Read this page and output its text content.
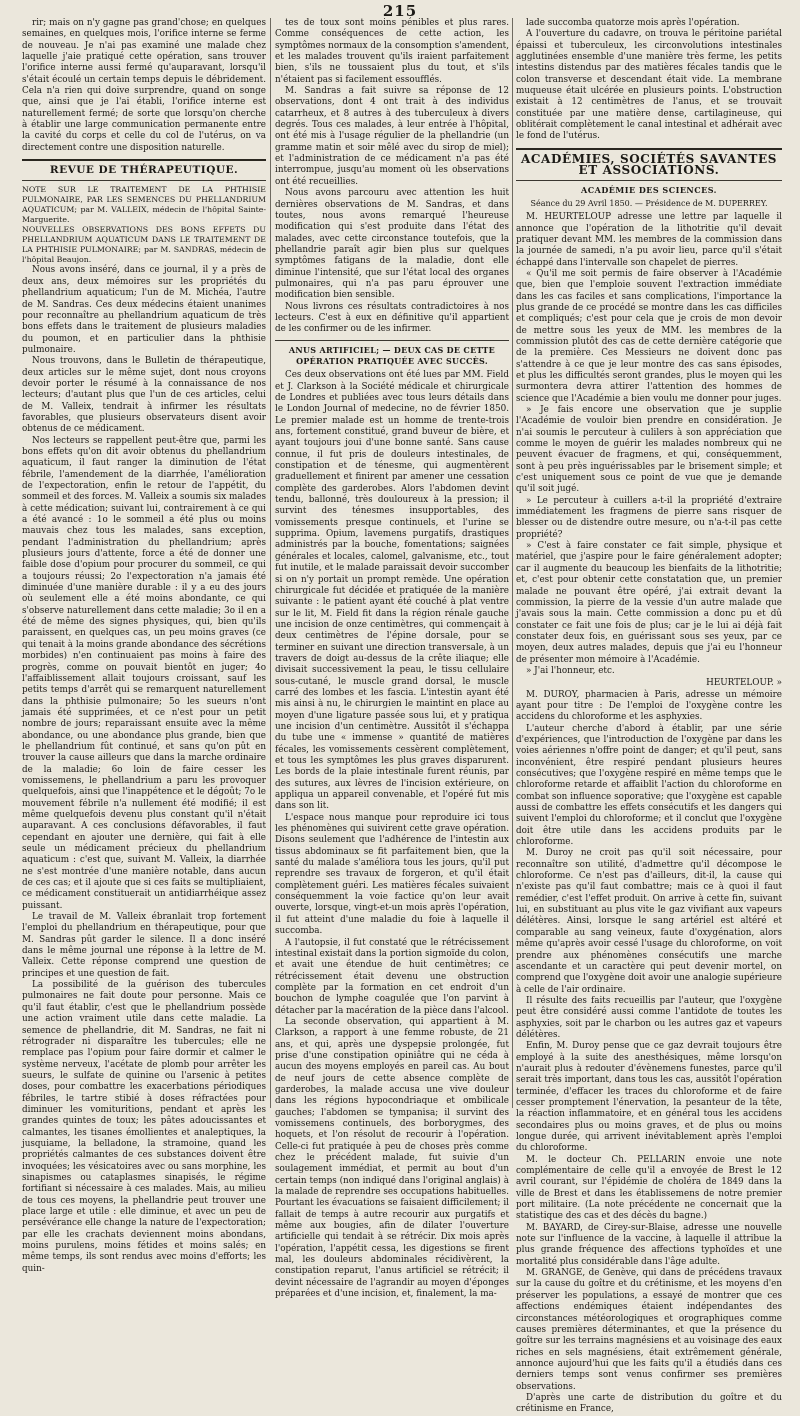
215

rir; mais on n'y gagne pas grand'chose; en quelques semaines, en quelques mois, l'orifice interne se ferme de nouveau. Je n'ai pas examiné une malade chez laquelle j'aie pratiqué cette opération, sans trouver l'orifice interne aussi fermé qu'auparavant, lorsqu'il s'était écoulé un certain temps depuis le débridement. Cela n'a rien qui doive surprendre, quand on songe que, ainsi que je l'ai établi, l'orifice interne est naturellement fermé; de sorte que lorsqu'on cherche à établir une large communication permanente entre la cavité du corps et celle du col de l'utérus, on va directement contre une disposition naturelle.

REVUE DE THÉRAPEUTIQUE.

NOTE SUR LE TRAITEMENT DE LA PHTHISIE PULMONAIRE, PAR LES SEMENCES DU PHELLANDRIUM AQUATICUM; par M. VALLEIX, médecin de l'hôpital Sainte-Marguerite.

NOUVELLES OBSERVATIONS DES BONS EFFETS DU PHELLANDRIUM AQUATICUM DANS LE TRAITEMENT DE LA PHTHISIE PULMONAIRE; par M. SANDRAS, médecin de l'hôpital Beaujon.

Nous avons inséré, dans ce journal, il y a près de deux ans, deux mémoires sur les propriétés du phellandrium aquaticum; l'un de M. Michéa, l'autre de M. Sandras. Ces deux médecins étaient unanimes pour reconnaître au phellandrium aquaticum de très bons effets dans le traitement de plusieurs maladies du poumon, et en particulier dans la phthisie pulmonaire.

Nous trouvons, dans le Bulletin de thérapeutique, deux articles sur le même sujet, dont nous croyons devoir porter le résumé à la connaissance de nos lecteurs; d'autant plus que l'un de ces articles, celui de M. Valleix, tendrait à infirmer les résultats favorables, que plusieurs observateurs disent avoir obtenus de ce médicament.

Nos lecteurs se rappellent peut-être que, parmi les bons effets qu'on dit avoir obtenus du phellandrium aquaticum, il faut ranger la diminution de l'état fébrile, l'amendement de la diarrhée, l'amélioration de l'expectoration, enfin le retour de l'appétit, du sommeil et des forces. M. Valleix a soumis six malades à cette médication; suivant lui, contrairement à ce qui a été avancé : 1o le sommeil a été plus ou moins mauvais chez tous les malades, sans exception, pendant l'administration du phellandrium; après plusieurs jours d'attente, force a été de donner une faible dose d'opium pour procurer du sommeil, ce qui a toujours réussi; 2o l'expectoration n'a jamais été diminuée d'une manière durable : il y a eu des jours où seulement elle a été moins abondante, ce qui s'observe naturellement dans cette maladie; 3o il en a été de même des signes physiques, qui, bien qu'ils paraissent, en quelques cas, un peu moins graves (ce qui tenait à la moins grande abondance des sécrétions morbides) n'en continuaient pas moins à faire des progrès, comme on pouvait bientôt en juger; 4o l'affaiblissement allait toujours croissant, sauf les petits temps d'arrêt qui se remarquent naturellement dans la phthisie pulmonaire; 5o les sueurs n'ont jamais été supprimées, et ce n'est pour un petit nombre de jours; reparaissant ensuite avec la même abondance, ou une abondance plus grande, bien que le phellandrium fût continué, et sans qu'on pût en trouver la cause ailleurs que dans la marche ordinaire de la maladie; 6o loin de faire cesser les vomissemens, le phellandrium a paru les provoquer quelquefois, ainsi que l'inappétence et le dégoût; 7o le mouvement fébrile n'a nullement été modifié; il est même quelquefois devenu plus constant qu'il n'était auparavant. A ces conclusions défavorables, il faut cependant en ajouter une dernière, qui fait à elle seule un médicament précieux du phellandrium aquaticum : c'est que, suivant M. Valleix, la diarrhée ne s'est montrée d'une manière notable, dans aucun de ces cas; et il ajoute que si ces faits se multipliaient, ce médicament constituerait un antidiarrhéique assez puissant.

Le travail de M. Valleix ébranlait trop fortement l'emploi du phellandrium en thérapeutique, pour que M. Sandras pût garder le silence. Il a donc inséré dans le même journal une réponse à la lettre de M. Valleix. Cette réponse comprend une question de principes et une question de fait.

La possibilité de la guérison des tubercules pulmonaires ne fait doute pour personne. Mais ce qu'il faut établir, c'est que le phellandrium possède une action vraiment utile dans cette maladie. La semence de phellandrie, dit M. Sandras, ne fait ni rétrograder ni disparaître les tubercules; elle ne remplace pas l'opium pour faire dormir et calmer le système nerveux, l'acétate de plomb pour arrêter les sueurs, le sulfate de quinine ou l'arsenic à petites doses, pour combattre les exacerbations périodiques fébriles, le tartre stibié à doses réfractées pour diminuer les vomituritions, pendant et après les grandes quintes de toux; les pâtes adoucissantes et calmantes, les tisanes émollientes et analeptiques, la jusquiame, la belladone, la stramoine, quand les propriétés calmantes de ces substances doivent être invoquées; les vésicatoires avec ou sans morphine, les sinapismes ou cataplasmes sinapisés, le régime fortifiant si nécessaire à ces malades. Mais, au milieu de tous ces moyens, la phellandrie peut trouver une place large et utile : elle diminue, et avec un peu de persévérance elle change la nature de l'expectoration; par elle les crachats deviennent moins abondans, moins purulens, moins fétides et moins salés; en même temps, ils sont rendus avec moins d'efforts; les quin-

tes de toux sont moins pénibles et plus rares. Comme conséquences de cette action, les symptômes normaux de la consomption s'amendent, et les malades trouvent qu'ils iraient parfaitement bien, s'ils ne toussaient plus du tout, et s'ils n'étaient pas si facilement essoufflés.

M. Sandras a fait suivre sa réponse de 12 observations, dont 4 ont trait à des individus catarrheux, et 8 autres à des tuberculeux à divers degrés. Tous ces malades, à leur entrée à l'hôpital, ont été mis à l'usage régulier de la phellandrie (un gramme matin et soir mêlé avec du sirop de miel); et l'administration de ce médicament n'a pas été interrompue, jusqu'au moment où les observations ont été recueillies.

Nous avons parcouru avec attention les huit dernières observations de M. Sandras, et dans toutes, nous avons remarqué l'heureuse modification qui s'est produite dans l'état des malades, avec cette circonstance toutefois, que la phellandrie paraît agir bien plus sur quelques symptômes fatigans de la maladie, dont elle diminue l'intensité, que sur l'état local des organes pulmonaires, qui n'a pas paru éprouver une modification bien sensible.

Nous livrons ces résultats contradictoires à nos lecteurs. C'est à eux en définitive qu'il appartient de les confirmer ou de les infirmer.

ANUS ARTIFICIEL; — DEUX CAS DE CETTE OPÉRATION PRATIQUÉE AVEC SUCCÈS.

Ces deux observations ont été lues par MM. Field et J. Clarkson à la Société médicale et chirurgicale de Londres et publiées avec tous leurs détails dans le London Journal of medecine, no de février 1850. Le premier malade est un homme de trente-trois ans, fortement constitué, grand buveur de bière, et ayant toujours joui d'une bonne santé. Sans cause connue, il fut pris de douleurs intestinales, de constipation et de ténesme, qui augmentèrent graduellement et finirent par amener une cessation complète des garderobes. Alors l'abdomen devint tendu, ballonné, très douloureux à la pression; il survint des ténesmes insupportables, des vomissements presque continuels, et l'urine se supprima. Opium, lavemens purgatifs, drastiques administrés par la bouche, fomentations; saignées générales et locales, calomel, galvanisme, etc., tout fut inutile, et le malade paraissait devoir succomber si on n'y portait un prompt remède. Une opération chirurgicale fut décidée et pratiquée de la manière suivante : le patient ayant été couché à plat ventre sur le lit, M. Field fit dans la région rénale gauche une incision de onze centimètres, qui commençait à deux centimètres de l'épine dorsale, pour se terminer en suivant une direction transversale, à un travers de doigt au-dessus de la crête iliaque; elle divisait successivement la peau, le tissu cellulaire sous-cutané, le muscle grand dorsal, le muscle carré des lombes et les fascia. L'intestin ayant été mis ainsi à nu, le chirurgien le maintint en place au moyen d'une ligature passée sous lui, et y pratiqua une incision d'un centimètre. Aussitôt il s'échappa du tube une « immense » quantité de matières fécales, les vomissements cessèrent complètement, et tous les symptômes les plus graves disparurent. Les bords de la plaie intestinale furent réunis, par des sutures, aux lèvres de l'incision extérieure, on appliqua un appareil convenable, et l'opéré fut mis dans son lit.

L'espace nous manque pour reproduire ici tous les phénomènes qui suivirent cette grave opération. Disons seulement que l'adhérence de l'intestin aux tissus abdominaux se fit parfaitement bien, que la santé du malade s'améliora tous les jours, qu'il put reprendre ses travaux de forgeron, et qu'il était complètement guéri. Les matières fécales suivaient conséquemment la voie factice qu'on leur avait ouverte, lorsque, vingt-et-un mois après l'opération, il fut atteint d'une maladie du foie à laquelle il succomba.

A l'autopsie, il fut constaté que le rétrécissement intestinal existait dans la portion sigmoïde du colon, et avait une étendue de huit centimètres; ce rétrécissement était devenu une obstruction complète par la formation en cet endroit d'un bouchon de lymphe coagulée que l'on parvint à détacher par la macération de la pièce dans l'alcool.

La seconde observation, qui appartient à M. Clarkson, a rapport à une femme robuste, de 21 ans, et qui, après une dyspepsie prolongée, fut prise d'une constipation opiniâtre qui ne céda à aucun des moyens employés en pareil cas. Au bout de neuf jours de cette absence complète de garderobes, la malade accusa une vive douleur dans les régions hypocondriaque et ombilicale gauches; l'abdomen se tympanisa; il survint des vomissemens continuels, des borborygmes, des hoquets, et l'on résolut de recourir à l'opération. Celle-ci fut pratiquée à peu de choses près comme chez le précédent malade, fut suivie d'un soulagement immédiat, et permit au bout d'un certain temps (non indiqué dans l'original anglais) à la malade de reprendre ses occupations habituelles. Pourtant les évacuations se faisaient difficilement; il fallait de temps à autre recourir aux purgatifs et même aux bougies, afin de dilater l'ouverture artificielle qui tendait à se rétrécir. Dix mois après l'opération, l'appétit cessa, les digestions se firent mal, les douleurs abdominales récidivèrent, la constipation reparut, l'anus artificiel se rétrécit; il devint nécessaire de l'agrandir au moyen d'éponges préparées et d'une incision, et, finalement, la ma-

lade succomba quatorze mois après l'opération.

A l'ouverture du cadavre, on trouva le péritoine pariétal épaissi et tuberculeux, les circonvolutions intestinales agglutinées ensemble d'une manière très ferme, les petits intestins distendus par des matières fécales tandis que le colon transverse et descendant était vide. La membrane muqueuse était ulcérée en plusieurs points. L'obstruction existait à 12 centimètres de l'anus, et se trouvait constituée par une matière dense, cartilagineuse, qui oblitérait complètement le canal intestinal et adhérait avec le fond de l'utérus.

ACADÉMIES, SOCIÉTÉS SAVANTES ET ASSOCIATIONS.
ACADÉMIE DES SCIENCES.
Séance du 29 Avril 1850. — Présidence de M. DUPERREY.

M. HEURTELOUP adresse une lettre par laquelle il annonce que l'opération de la lithotritie qu'il devait pratiquer devant MM. les membres de la commission dans la journée de samedi, n'a pu avoir lieu, parce qu'il s'était échappé dans l'intervalle son chapelet de pierres.

« Qu'il me soit permis de faire observer à l'Académie que, bien que l'emploie souvent l'extraction immédiate dans les cas faciles et sans complications, l'importance la plus grande de ce procédé se montre dans les cas difficiles et compliqués; c'est pour cela que je crois de mon devoir de mettre sous les yeux de MM. les membres de la commission plutôt des cas de cette dernière catégorie que de la première. Ces Messieurs ne doivent donc pas s'attendre à ce que je leur montre des cas sans épisodes, et plus les difficultés seront grandes, plus le moyen qui les surmontera devra attirer l'attention des hommes de science que l'Académie a bien voulu me donner pour juges.

» Je fais encore une observation que je supplie l'Académie de vouloir bien prendre en considération. Je n'ai soumis le percuteur à culilers à son appréciation que comme le moyen de guérir les malades nombreux qui ne peuvent évacuer de fragmens, et qui, conséquemment, sont à peu près inguérissables par le brisement simple; et c'est uniquement sous ce point de vue que je demande qu'il soit jugé.

» Le percuteur à cuillers a-t-il la propriété d'extraire immédiatement les fragmens de pierre sans risquer de blesser ou de distendre outre mesure, ou n'a-t-il pas cette propriété?

» C'est à faire constater ce fait simple, physique et matériel, que j'aspire pour le faire généralement adopter; car il augmente du beaucoup les bienfaits de la lithotritie; et, c'est pour obtenir cette constatation que, un premier malade ne pouvant être opéré, j'ai extrait devant la commission, la pierre de la vessie d'un autre malade que j'avais sous la main. Cette commission a donc pu et dû constater ce fait une fois de plus; car je le lui ai déjà fait constater deux fois, en guérissant sous ses yeux, par ce moyen, deux autres malades, depuis que j'ai eu l'honneur de présenter mon mémoire à l'Académie.

» J'ai l'honneur, etc.

HEURTELOUP. »

M. DUROY, pharmacien à Paris, adresse un mémoire ayant pour titre : De l'emploi de l'oxygène contre les accidens du chloroforme et les asphyxies.

L'auteur cherche d'abord à établir, par une série d'expériences, que l'introduction de l'oxygène par dans les voies aériennes n'offre point de danger; et qu'il peut, sans inconvénient, être respiré pendant plusieurs heures consécutives; que l'oxygène respiré en même temps que le chloroforme retarde et affaiblit l'action du chloroforme en combat son influence soporative; que l'oxygène est capable aussi de combattre les effets consécutifs et les dangers qui suivent l'emploi du chloroforme; et il conclut que l'oxygène doit être utile dans les accidens produits par le chloroforme.

M. Duroy ne croit pas qu'il soit nécessaire, pour reconnaître son utilité, d'admettre qu'il décompose le chloroforme. Ce n'est pas d'ailleurs, dit-il, la cause qui n'existe pas qu'il faut combattre; mais ce à quoi il faut remédier, c'est l'effet produit. On arrive à cette fin, suivant lui, en substituant au plus vite le gaz vivifiant aux vapeurs délétères. Ainsi, lorsque le sang artériel est altéré et comparable au sang veineux, faute d'oxygénation, alors même qu'après avoir cessé l'usage du chloroforme, on voit prendre aux phénomènes consécutifs une marche ascendante et un caractère qui peut devenir mortel, on comprend que l'oxygène doit avoir une analogie supérieure à celle de l'air ordinaire.

Il résulte des faits recueillis par l'auteur, que l'oxygène peut être considéré aussi comme l'antidote de toutes les asphyxies, soit par le charbon ou les autres gaz et vapeurs délétères.

Enfin, M. Duroy pense que ce gaz devrait toujours être employé à la suite des anesthésiques, même lorsqu'on n'aurait plus à redouter d'évènemens funestes, parce qu'il serait très important, dans tous les cas, aussitôt l'opération terminée, d'effacer les traces du chloroforme et de faire cesser promptement l'énervation, la pesanteur de la tête, la réaction inflammatoire, et en général tous les accidens secondaires plus ou moins graves, et de plus ou moins longue durée, qui arrivent inévitablement après l'emploi du chloroforme.

M. le docteur Ch. PELLARIN envoie une note complémentaire de celle qu'il a envoyée de Brest le 12 avril courant, sur l'épidémie de choléra de 1849 dans la ville de Brest et dans les établissemens de notre premier port militaire. (La note précédente ne concernait que la statistique des cas et des décès du bagne.)

M. BAYARD, de Cirey-sur-Blaise, adresse une nouvelle note sur l'influence de la vaccine, à laquelle il attribue la plus grande fréquence des affections typhoïdes et une mortalité plus considérable dans l'âge adulte.

M. GRANGE, de Genève, qui dans de précédens travaux sur la cause du goître et du crétinisme, et les moyens d'en préserver les populations, a essayé de montrer que ces affections endémiques étaient indépendantes des circonstances météorologiques et orographiques comme causes premières déterminantes, et que la présence du goître sur les terrains magnésiens et au voisinage des eaux riches en sels magnésiens, était extrêmement générale, annonce aujourd'hui que les faits qu'il a étudiés dans ces derniers temps sont venus confirmer ses premières observations.

D'après une carte de distribution du goître et du crétinisme en France,
